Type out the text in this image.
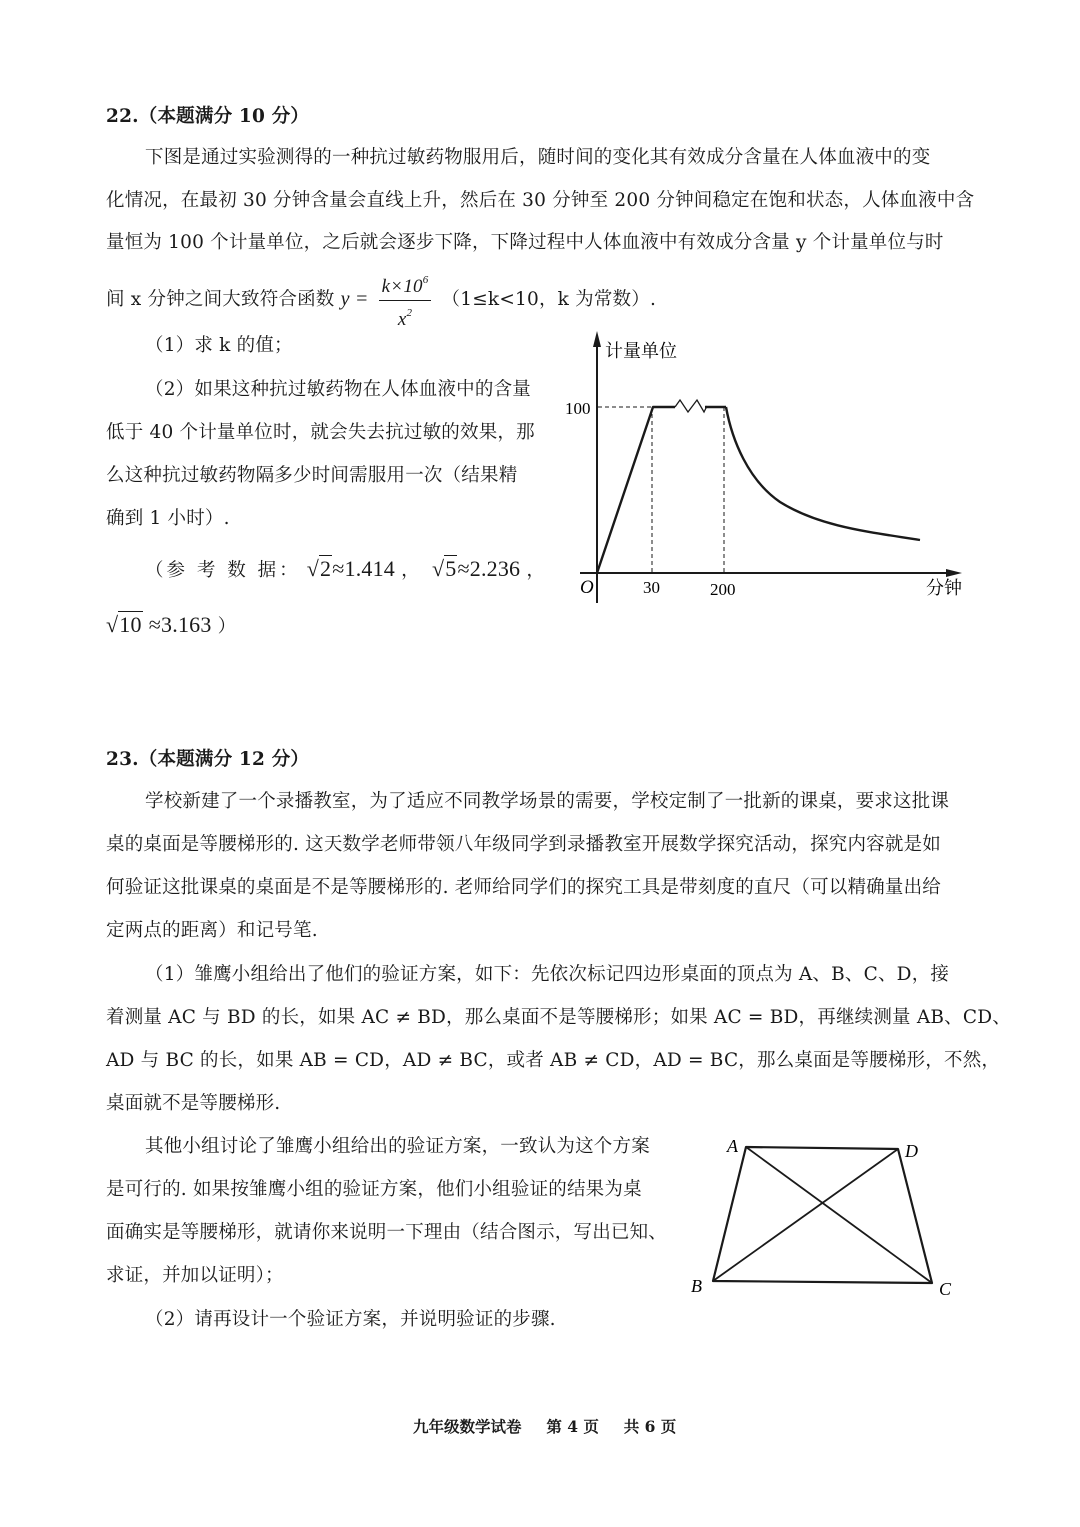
22.（本题满分 10 分）
下图是通过实验测得的一种抗过敏药物服用后，随时间的变化其有效成分含量在人体血液中的变
化情况，在最初 30 分钟含量会直线上升，然后在 30 分钟至 200 分钟间稳定在饱和状态，人体血液中含
量恒为 100 个计量单位，之后就会逐步下降，下降过程中人体血液中有效成分含量 y 个计量单位与时
间 x 分钟之间大致符合函数 $y = \frac{k\times 10^6}{x^2} (1\le k<10$，k 为常数）.
（1）求 k 的值；
（2）如果这种抗过敏药物在人体血液中的含量
低于 40 个计量单位时，就会失去抗过敏的效果，那
么这种抗过敏药物隔多少时间需服用一次（结果精
确到 1 小时）.
（参 考 数 据： √2≈1.414 ，  √5≈2.236 ，
√10 ≈3.163 ）
计量单位
100
O	30	200	分钟
23.（本题满分 12 分）
学校新建了一个录播教室，为了适应不同教学场景的需要，学校定制了一批新的课桌，要求这批课
桌的桌面是等腰梯形的. 这天数学老师带领八年级同学到录播教室开展数学探究活动，探究内容就是如
何验证这批课桌的桌面是不是等腰梯形的. 老师给同学们的探究工具是带刻度的直尺（可以精确量出给
定两点的距离）和记号笔.
（1）雏鹰小组给出了他们的验证方案，如下：先依次标记四边形桌面的顶点为 A、B、C、D，接
着测量 AC 与 BD 的长，如果 AC ≠ BD，那么桌面不是等腰梯形；如果 AC = BD，再继续测量 AB、CD、
AD 与 BC 的长，如果 AB = CD，AD ≠ BC，或者 AB ≠ CD，AD = BC，那么桌面是等腰梯形，不然，
桌面就不是等腰梯形.
其他小组讨论了雏鹰小组给出的验证方案，一致认为这个方案
是可行的. 如果按雏鹰小组的验证方案，他们小组验证的结果为桌
面确实是等腰梯形，就请你来说明一下理由（结合图示，写出已知、
求证，并加以证明）；
（2）请再设计一个验证方案，并说明验证的步骤.
A	D
B	C
九年级数学试卷 第 4 页 共 6 页
